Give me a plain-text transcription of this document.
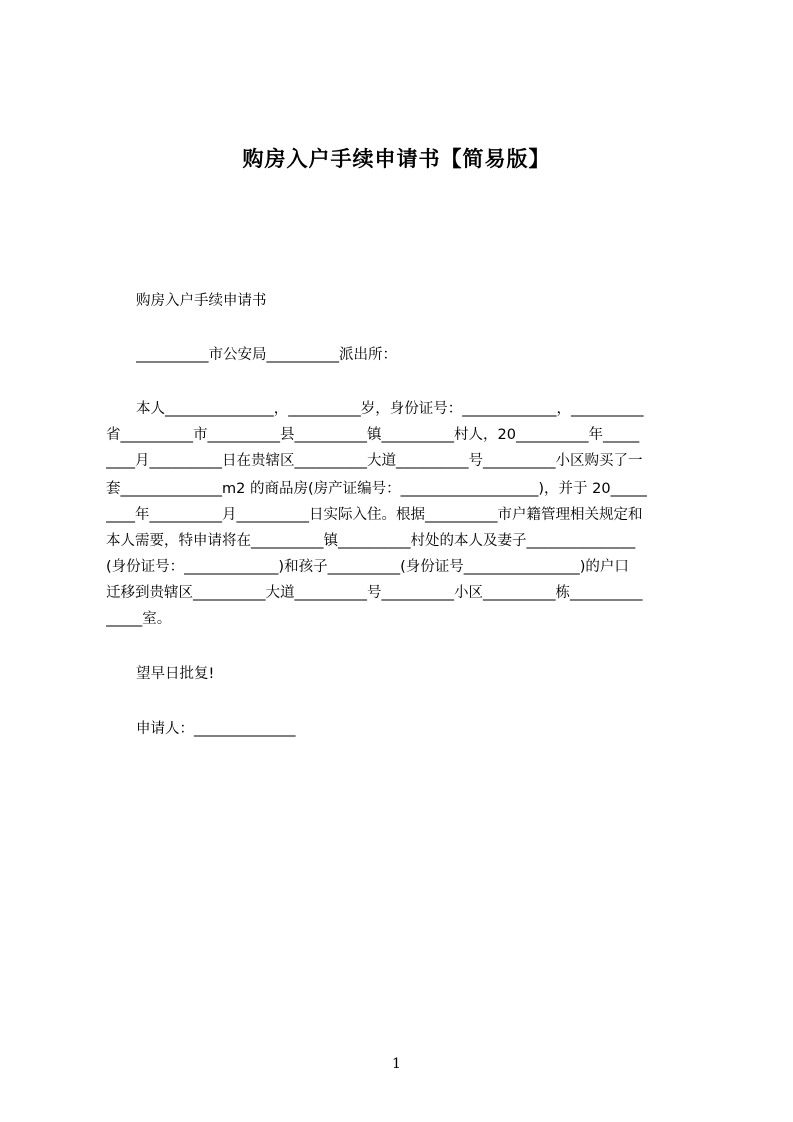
购房入户手续申请书【简易版】
购房入户手续申请书
__________市公安局__________派出所：
本人_______________，__________岁，身份证号：_____________，__________
省__________市__________县__________镇__________村人，20__________年_____
____月__________日在贵辖区__________大道__________号__________小区购买了一
套______________m2 的商品房(房产证编号：___________________)，并于 20_____
____年__________月__________日实际入住。根据__________市户籍管理相关规定和
本人需要，特申请将在__________镇__________村处的本人及妻子_______________
(身份证号：_____________)和孩子__________(身份证号________________)的户口
迁移到贵辖区__________大道__________号__________小区__________栋__________
_____室。
望早日批复!
申请人：______________
1
